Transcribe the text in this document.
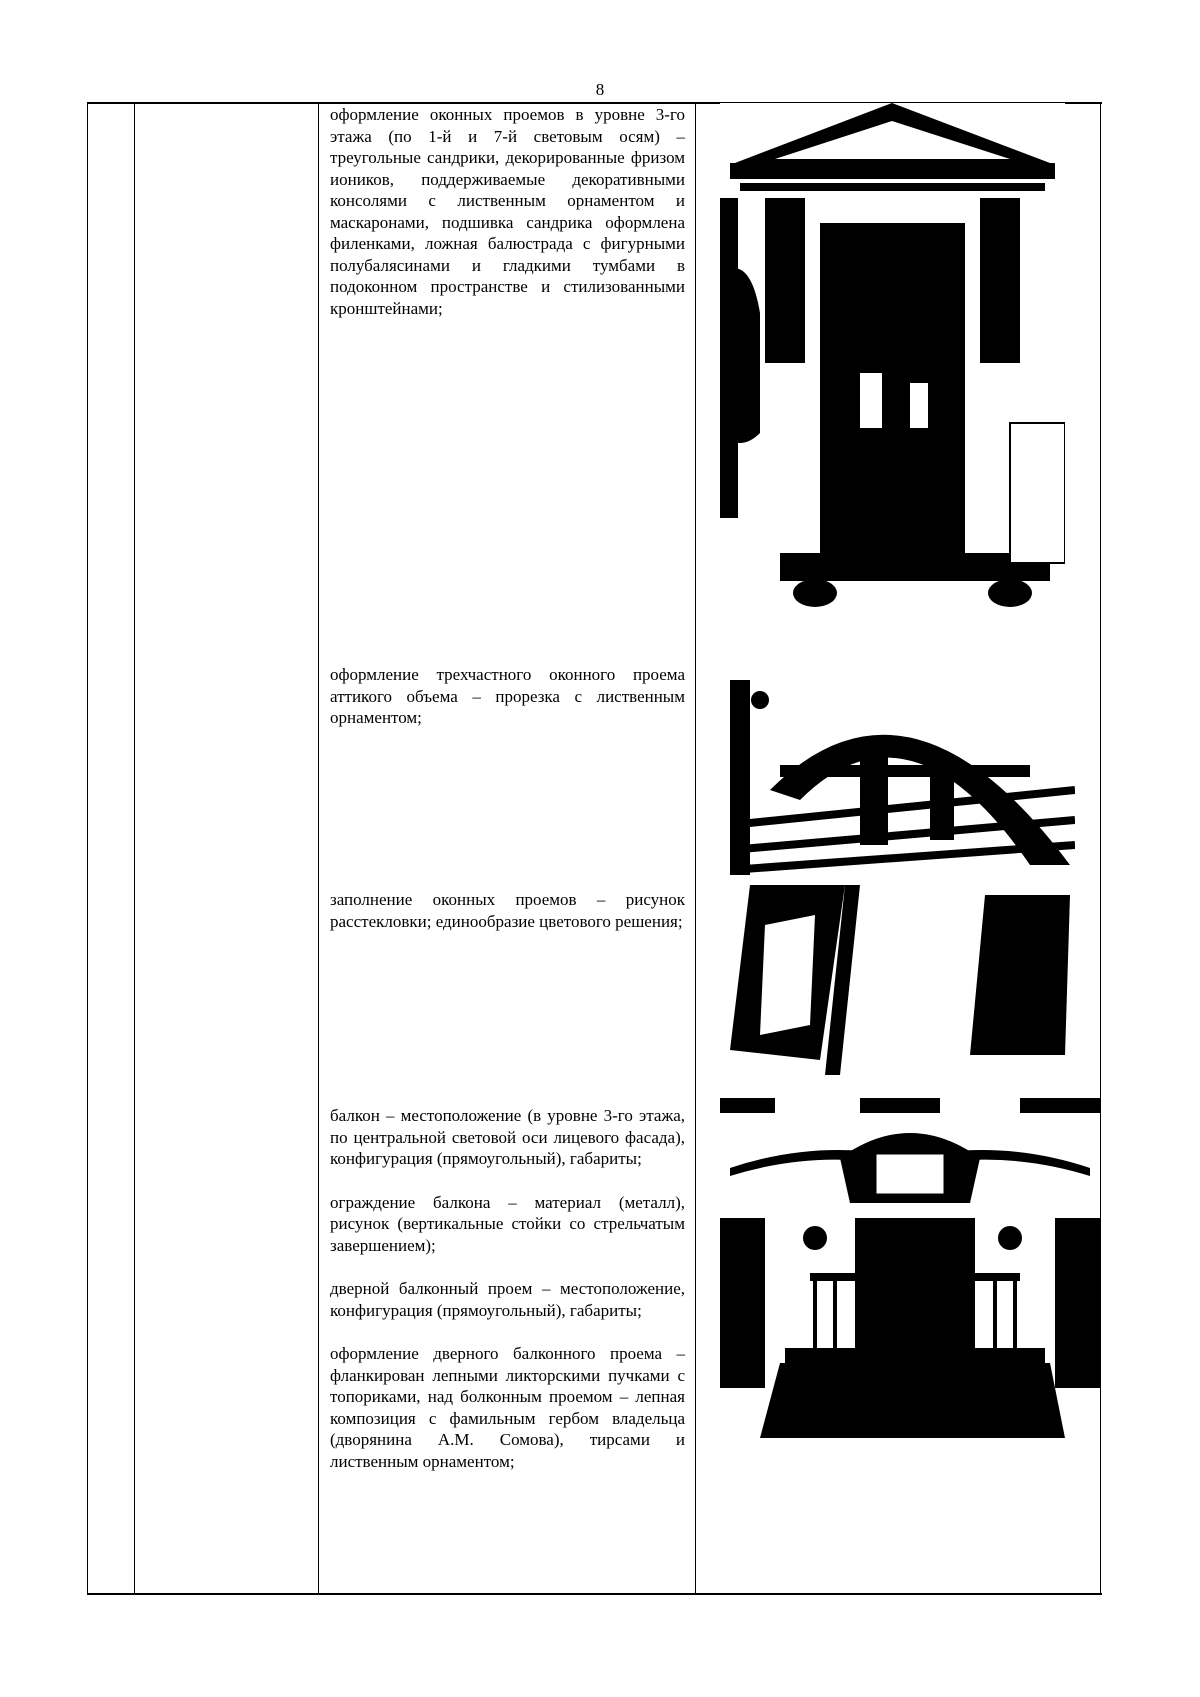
8

оформление оконных проемов в уровне 3-го этажа (по 1-й и 7-й световым осям) – треугольные сандрики, декорированные фризом иоников, поддерживаемые декоративными консолями с лиственным орнаментом и маскаронами, подшивка сандрика оформлена филенками, ложная балюстрада с фигурными полубалясинами и гладкими тумбами в подоконном пространстве и стилизованными кронштейнами;

оформление трехчастного оконного проема аттикого объема – прорезка с лиственным орнаментом;

заполнение оконных проемов – рисунок расстекловки; единообразие цветового решения;

балкон – местоположение (в уровне 3-го этажа, по центральной световой оси лицевого фасада), конфигурация (прямоугольный), габариты;

ограждение балкона – материал (металл), рисунок (вертикальные стойки со стрельчатым завершением);

дверной балконный проем – местоположение, конфигурация (прямоугольный), габариты;

оформление дверного балконного проема – фланкирован лепными ликторскими пучками с топориками, над болконным проемом – лепная композиция с фамильным гербом владельца (дворянина А.М. Сомова), тирсами и лиственным орнаментом;
